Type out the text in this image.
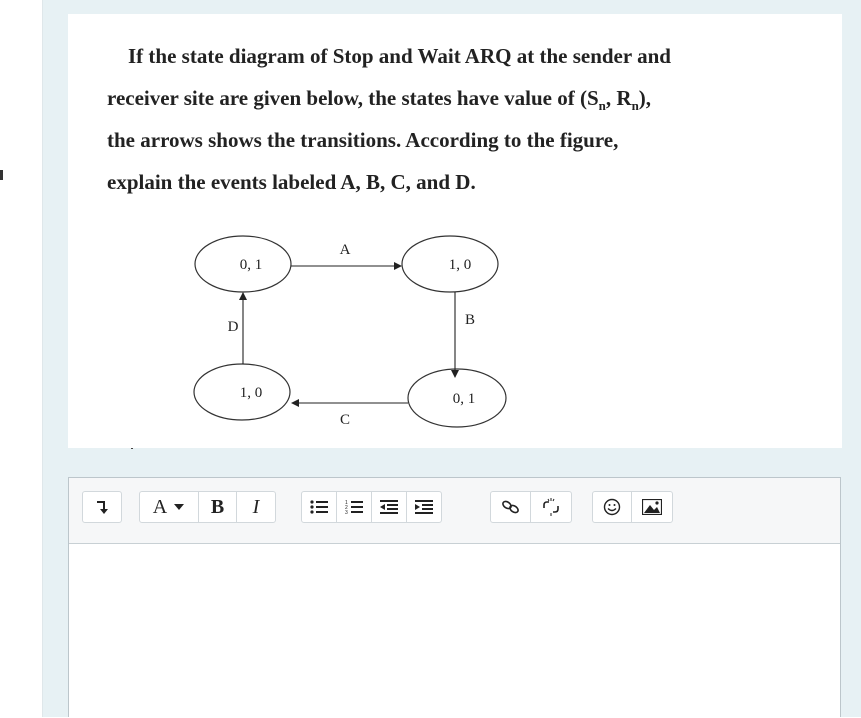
If the state diagram of Stop and Wait ARQ at the sender and
receiver site are given below, the states have value of ($S_n$, $R_n$),
the arrows shows the transitions. According to the figure,
explain the events labeled A, B, C, and D.
0, 1	1, 0
1, 0	0, 1
A
B
C
D
A B I	1
2
3
